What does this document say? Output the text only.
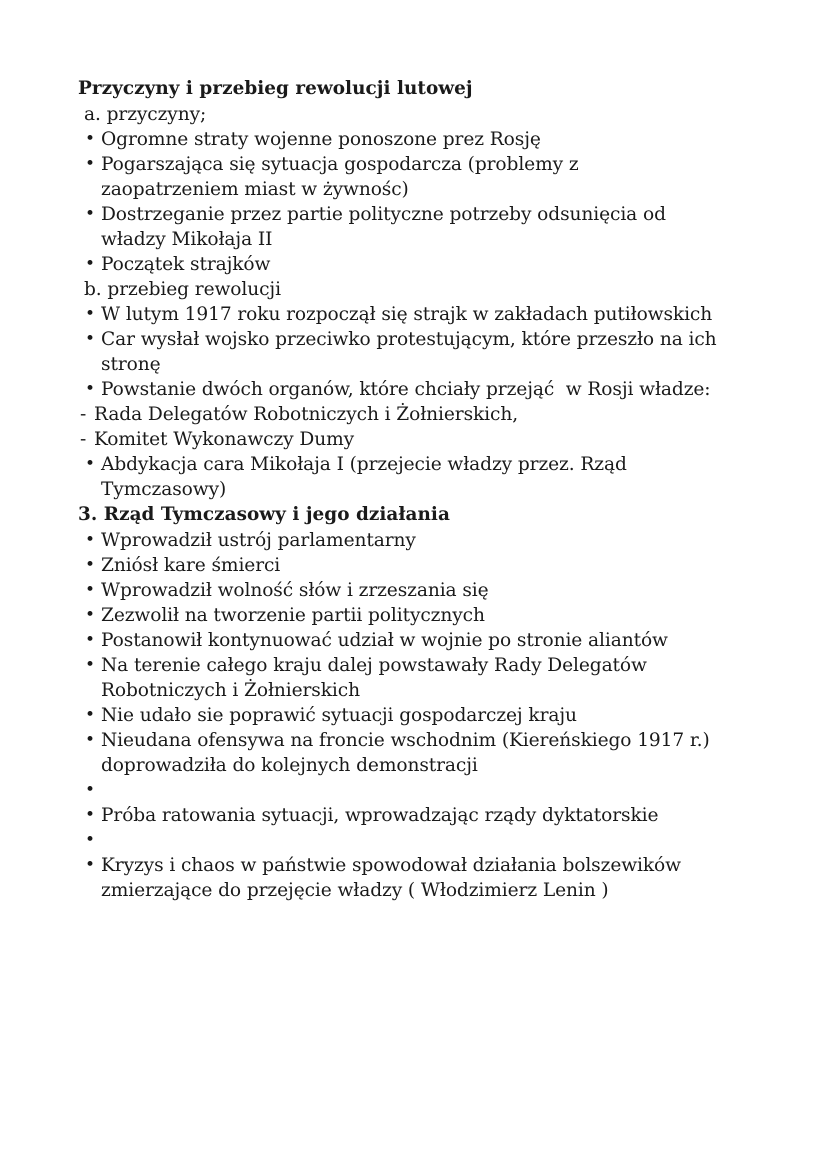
Przyczyny i przebieg rewolucji lutowej
a. przyczyny;
• Ogromne straty wojenne ponoszone prez Rosję
• Pogarszająca się sytuacja gospodarcza (problemy z
zaopatrzeniem miast w żywnośc)
• Dostrzeganie przez partie polityczne potrzeby odsunięcia od
władzy Mikołaja II
• Początek strajków
b. przebieg rewolucji
• W lutym 1917 roku rozpoczął się strajk w zakładach putiłowskich
• Car wysłał wojsko przeciwko protestującym, które przeszło na ich
stronę
• Powstanie dwóch organów, które chciały przejąć  w Rosji władze:
- Rada Delegatów Robotniczych i Żołnierskich,
- Komitet Wykonawczy Dumy
• Abdykacja cara Mikołaja I (przejecie władzy przez. Rząd
Tymczasowy)
3. Rząd Tymczasowy i jego działania
• Wprowadził ustrój parlamentarny
• Zniósł kare śmierci
• Wprowadził wolność słów i zrzeszania się
• Zezwolił na tworzenie partii politycznych
• Postanowił kontynuować udział w wojnie po stronie aliantów
• Na terenie całego kraju dalej powstawały Rady Delegatów
Robotniczych i Żołnierskich
• Nie udało sie poprawić sytuacji gospodarczej kraju
• Nieudana ofensywa na froncie wschodnim (Kiereńskiego 1917 r.)
doprowadziła do kolejnych demonstracji
•
• Próba ratowania sytuacji, wprowadzając rządy dyktatorskie
•
• Kryzys i chaos w państwie spowodował działania bolszewików
zmierzające do przejęcie władzy ( Włodzimierz Lenin )
